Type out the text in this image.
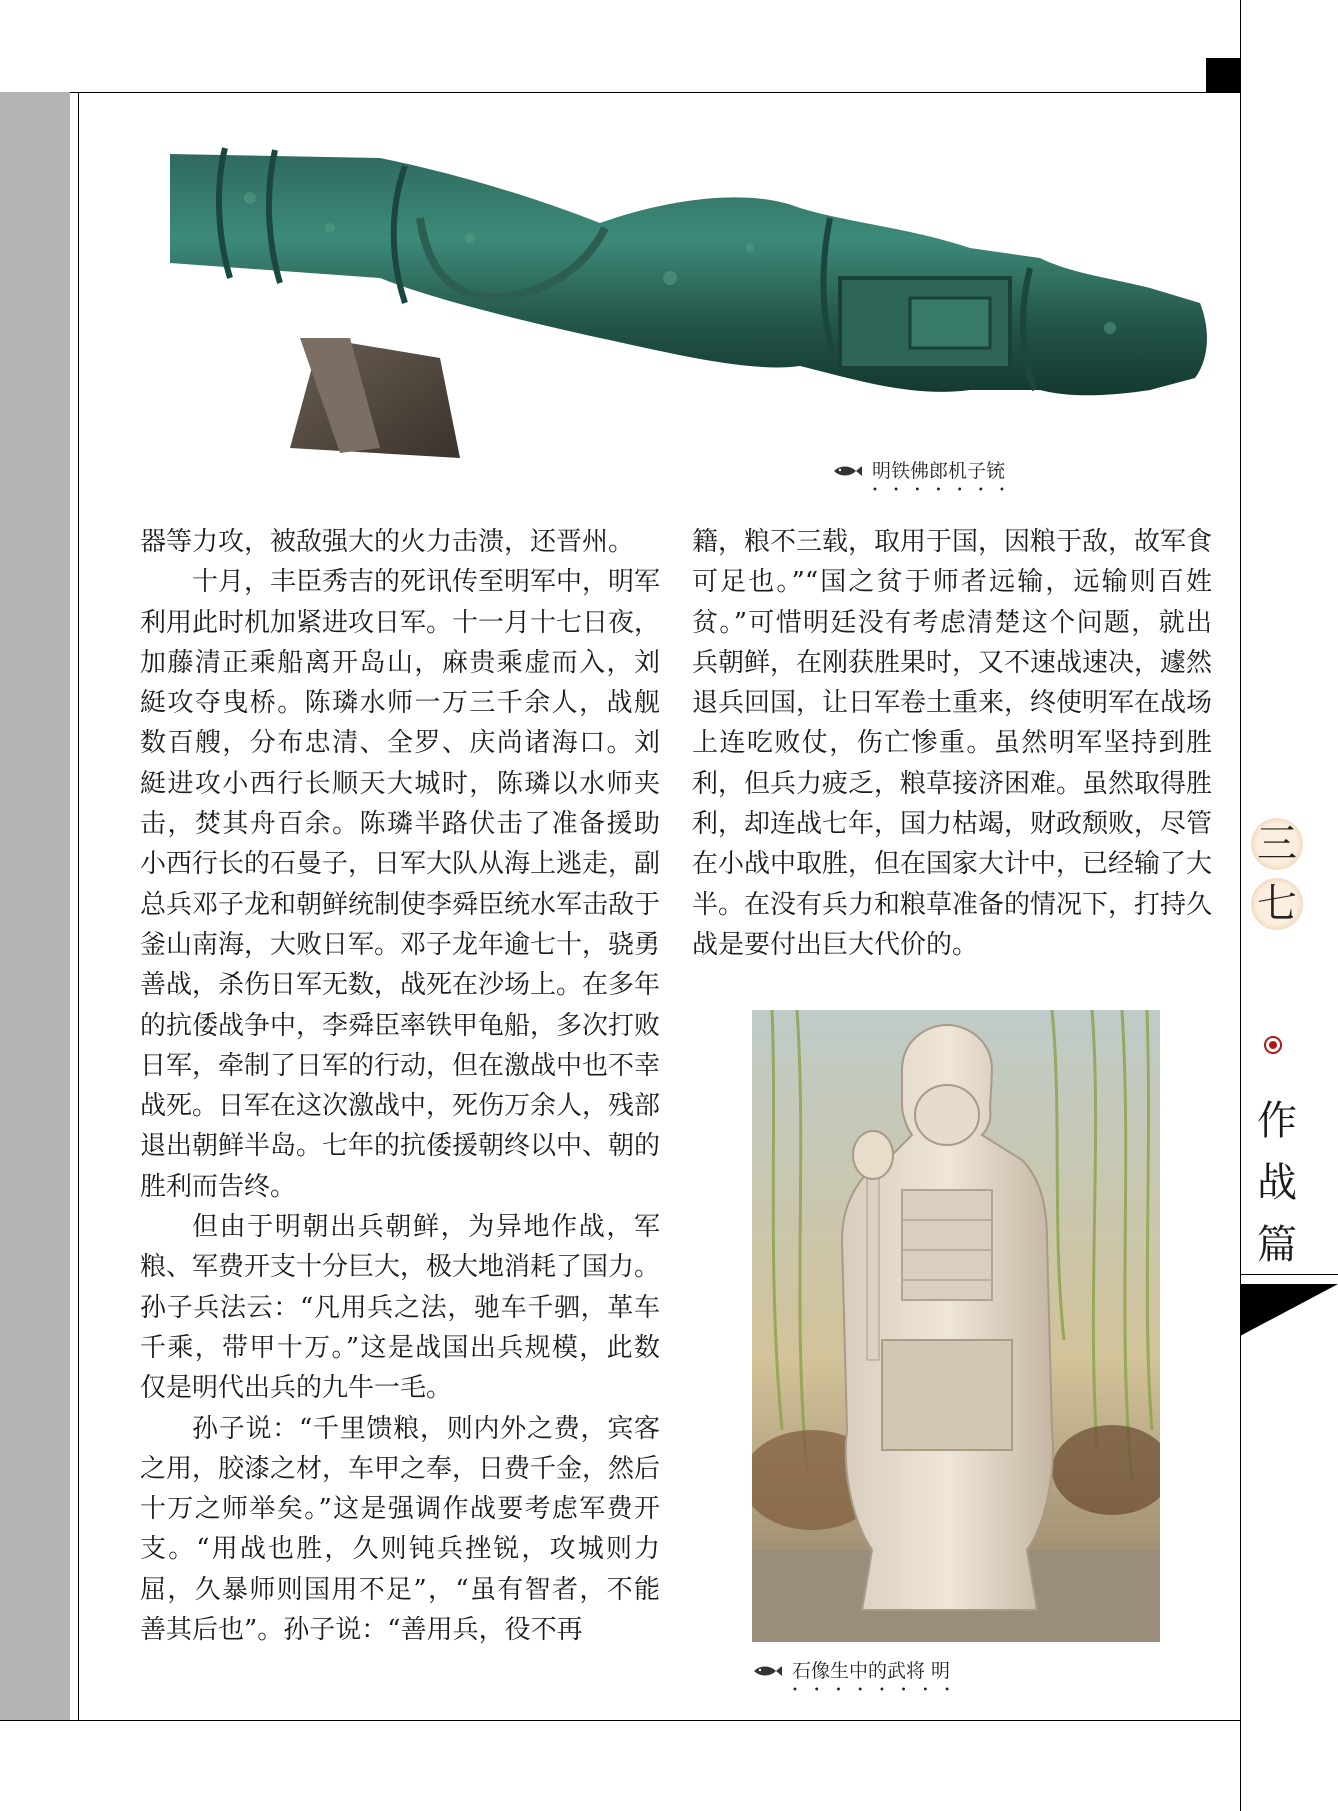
明铁佛郎机子铳
• • • • • • •

器等力攻，被敌强大的火力击溃，还晋州。

十月，丰臣秀吉的死讯传至明军中，明军利用此时机加紧进攻日军。十一月十七日夜，加藤清正乘船离开岛山，麻贵乘虚而入，刘綎攻夺曳桥。陈璘水师一万三千余人，战舰数百艘，分布忠清、全罗、庆尚诸海口。刘綎进攻小西行长顺天大城时，陈璘以水师夹击，焚其舟百余。陈璘半路伏击了准备援助小西行长的石曼子，日军大队从海上逃走，副总兵邓子龙和朝鲜统制使李舜臣统水军击敌于釜山南海，大败日军。邓子龙年逾七十，骁勇善战，杀伤日军无数，战死在沙场上。在多年的抗倭战争中，李舜臣率铁甲龟船，多次打败日军，牵制了日军的行动，但在激战中也不幸战死。日军在这次激战中，死伤万余人，残部退出朝鲜半岛。七年的抗倭援朝终以中、朝的胜利而告终。

但由于明朝出兵朝鲜，为异地作战，军粮、军费开支十分巨大，极大地消耗了国力。孙子兵法云：“凡用兵之法，驰车千驷，革车千乘，带甲十万。”这是战国出兵规模，此数仅是明代出兵的九牛一毛。

孙子说：“千里馈粮，则内外之费，宾客之用，胶漆之材，车甲之奉，日费千金，然后十万之师举矣。”这是强调作战要考虑军费开支。“用战也胜，久则钝兵挫锐，攻城则力屈，久暴师则国用不足”，“虽有智者，不能善其后也”。孙子说：“善用兵，役不再

籍，粮不三载，取用于国，因粮于敌，故军食可足也。”“国之贫于师者远输，远输则百姓贫。”可惜明廷没有考虑清楚这个问题，就出兵朝鲜，在刚获胜果时，又不速战速决，遽然退兵回国，让日军卷土重来，终使明军在战场上连吃败仗，伤亡惨重。虽然明军坚持到胜利，但兵力疲乏，粮草接济困难。虽然取得胜利，却连战七年，国力枯竭，财政颓败，尽管在小战中取胜，但在国家大计中，已经输了大半。在没有兵力和粮草准备的情况下，打持久战是要付出巨大代价的。

石像生中的武将 明
• • • • • • • •
三
七
作
战
篇
